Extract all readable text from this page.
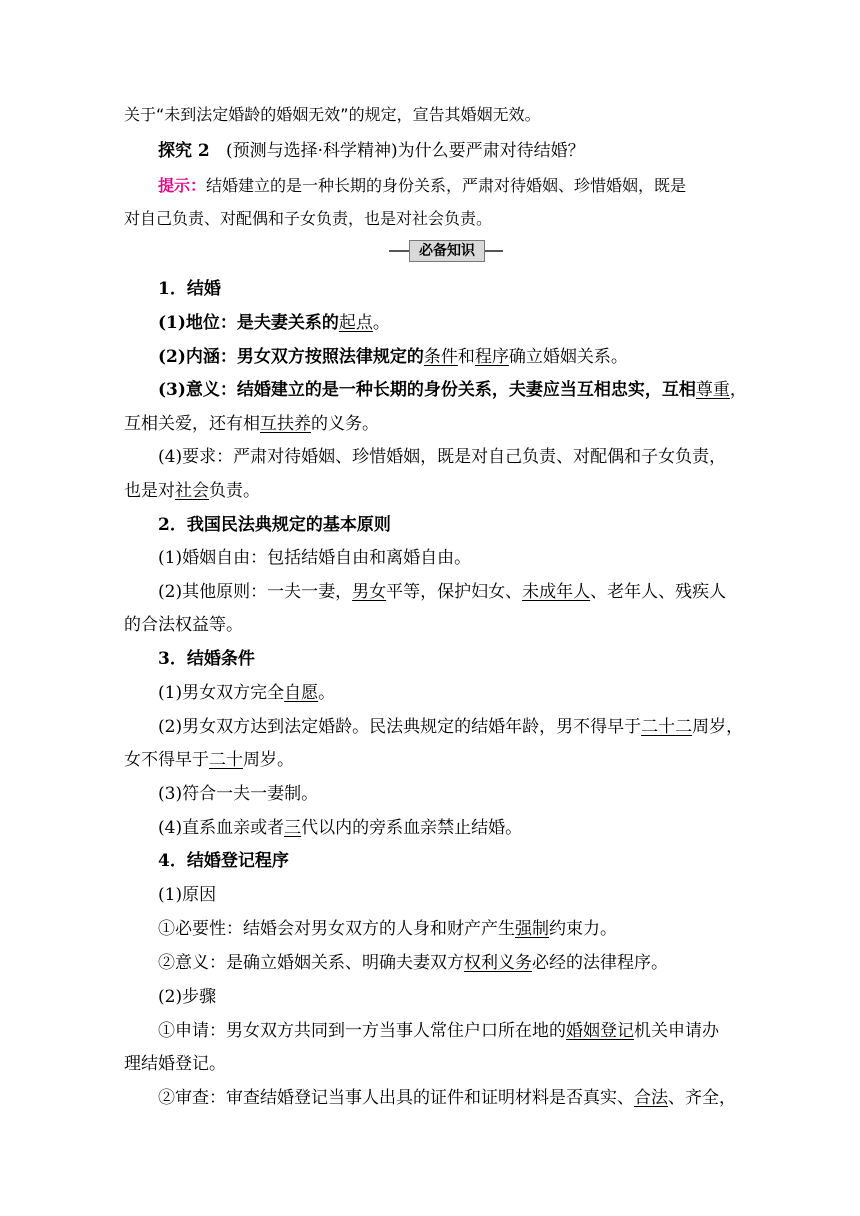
关于“未到法定婚龄的婚姻无效”的规定，宣告其婚姻无效。
探究 2 (预测与选择·科学精神)为什么要严肃对待结婚？
提示：结婚建立的是一种长期的身份关系，严肃对待婚姻、珍惜婚姻，既是
对自己负责、对配偶和子女负责，也是对社会负责。
必备知识
1．结婚
(1)地位：是夫妻关系的起点。
(2)内涵：男女双方按照法律规定的条件和程序确立婚姻关系。
(3)意义：结婚建立的是一种长期的身份关系，夫妻应当互相忠实，互相尊重，
互相关爱，还有相互扶养的义务。
(4)要求：严肃对待婚姻、珍惜婚姻，既是对自己负责、对配偶和子女负责，
也是对社会负责。
2．我国民法典规定的基本原则
(1)婚姻自由：包括结婚自由和离婚自由。
(2)其他原则：一夫一妻，男女平等，保护妇女、未成年人、老年人、残疾人
的合法权益等。
3．结婚条件
(1)男女双方完全自愿。
(2)男女双方达到法定婚龄。民法典规定的结婚年龄，男不得早于二十二周岁，
女不得早于二十周岁。
(3)符合一夫一妻制。
(4)直系血亲或者三代以内的旁系血亲禁止结婚。
4．结婚登记程序
(1)原因
①必要性：结婚会对男女双方的人身和财产产生强制约束力。
②意义：是确立婚姻关系、明确夫妻双方权利义务必经的法律程序。
(2)步骤
①申请：男女双方共同到一方当事人常住户口所在地的婚姻登记机关申请办
理结婚登记。
②审查：审查结婚登记当事人出具的证件和证明材料是否真实、合法、齐全，
